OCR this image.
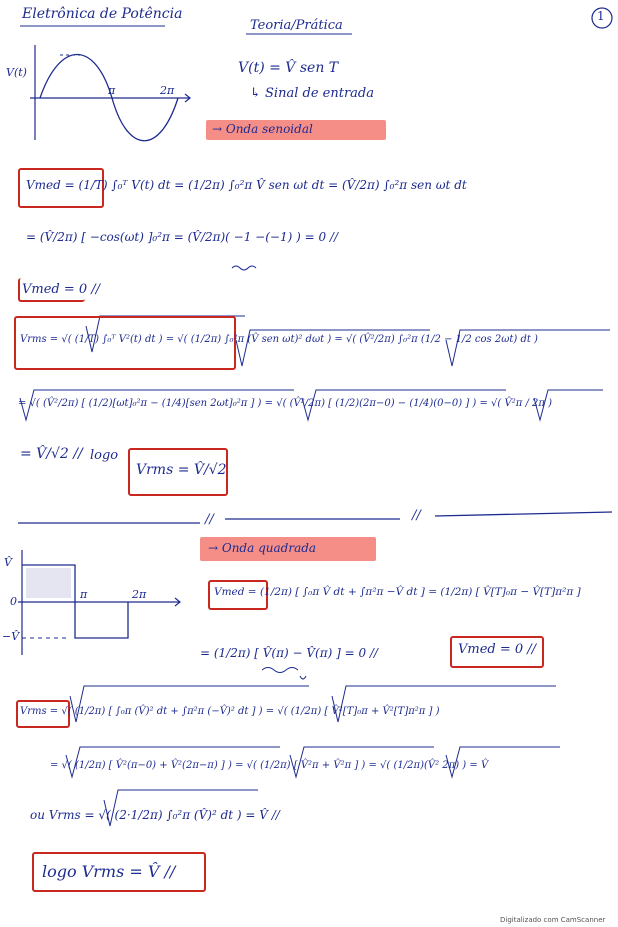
Eletrônica de Potência
Teoria/Prática
1
V(t)
π	2π
V(t) = V̂ sen T
↳ Sinal de entrada
→ Onda senoidal
Vmed = (1/T) ∫₀ᵀ V(t) dt = (1/2π) ∫₀²π V̂ sen ωt dt = (V̂/2π) ∫₀²π sen ωt dt
= (V̂/2π) [ −cos(ωt) ]₀²π = (V̂/2π)( −1 −(−1) ) = 0 //
Vmed = 0 //
Vrms = √( (1/T) ∫₀ᵀ V²(t) dt ) = √( (1/2π) ∫₀²π (V̂ sen ωt)² dωt ) = √( (V̂²/2π) ∫₀²π (1/2 − 1/2 cos 2ωt) dt )
= √( (V̂²/2π) [ (1/2)[ωt]₀²π − (1/4)[sen 2ωt]₀²π ] ) = √( (V̂²/2π) [ (1/2)(2π−0) − (1/4)(0−0) ] ) = √( V̂²π / 2π )
= V̂/√2 // logo
Vrms = V̂/√2
//	//
→ Onda quadrada
V̂
0
−V̂
π	2π	Vmed = (1/2π) [ ∫₀π V̂ dt + ∫π²π −V̂ dt ] = (1/2π) [ V̂[T]₀π − V̂[T]π²π ]
= (1/2π) [ V̂(π) − V̂(π) ] = 0 //	Vmed = 0 //
Vrms = √( (1/2π) [ ∫₀π (V̂)² dt + ∫π²π (−V̂)² dt ] ) = √( (1/2π) [ V̂²[T]₀π + V̂²[T]π²π ] )
= √( (1/2π) [ V̂²(π−0) + V̂²(2π−π) ] ) = √( (1/2π) [ V̂²π + V̂²π ] ) = √( (1/2π)(V̂² 2π) ) = V̂
ou Vrms = √( (2·1/2π) ∫₀²π (V̂)² dt ) = V̂ //
logo Vrms = V̂ //
Digitalizado com CamScanner
